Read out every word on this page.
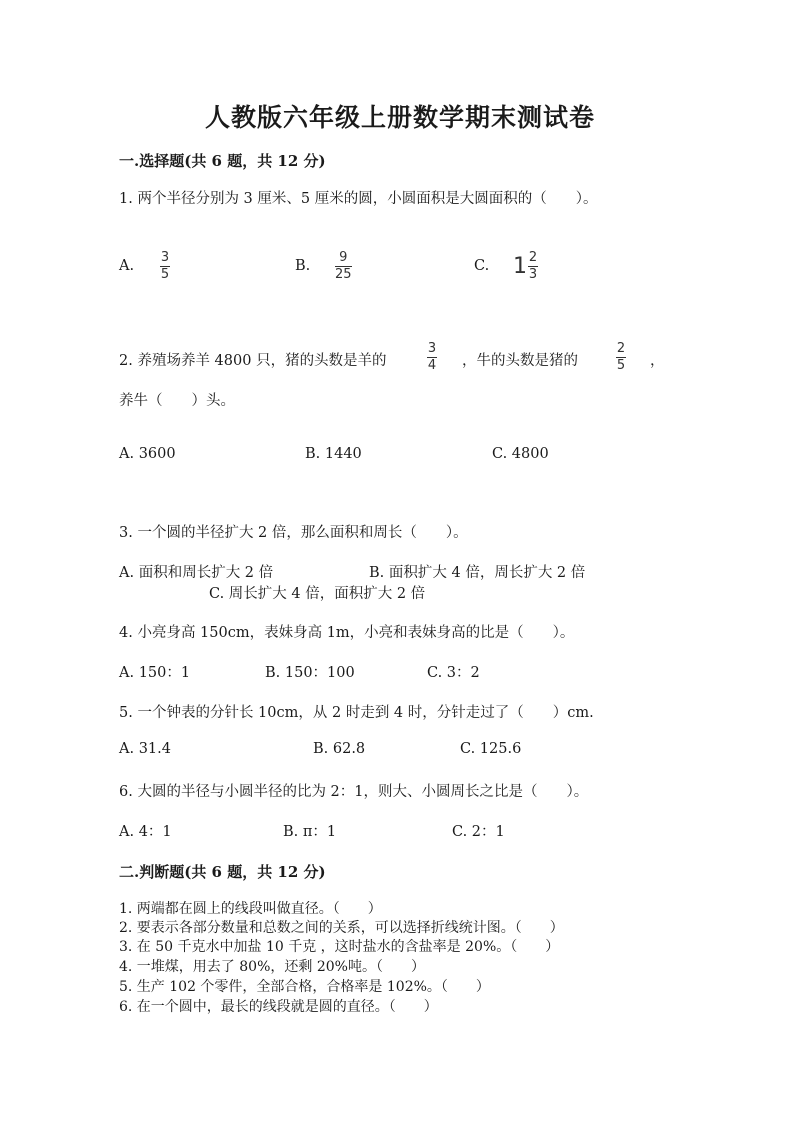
人教版六年级上册数学期末测试卷
一.选择题(共 6 题，共 12 分)
1. 两个半径分别为 3 厘米、5 厘米的圆，小圆面积是大圆面积的（　　）。
A.
3
5
B.
9
25
C. $1 \frac{2}{3}$
2. 养殖场养羊 4800 只，猪的头数是羊的
3
4 ，牛的头数是猪的
2
5 ，
养牛（　　）头。
A. 3600	B. 1440	C. 4800
3. 一个圆的半径扩大 2 倍，那么面积和周长（　　）。
A. 面积和周长扩大 2 倍	B. 面积扩大 4 倍，周长扩大 2 倍
C. 周长扩大 4 倍，面积扩大 2 倍
4. 小亮身高 150cm，表妹身高 1m，小亮和表妹身高的比是（　　）。
A. 150：1	B. 150：100	C. 3：2
5. 一个钟表的分针长 10cm，从 2 时走到 4 时，分针走过了（　　）cm.
A. 31.4	B. 62.8	C. 125.6
6. 大圆的半径与小圆半径的比为 2：1，则大、小圆周长之比是（　　）。
A. 4：1	B. π：1	C. 2：1
二.判断题(共 6 题，共 12 分)
1. 两端都在圆上的线段叫做直径。（　　）
2. 要表示各部分数量和总数之间的关系，可以选择折线统计图。（　　）
3. 在 50 千克水中加盐 10 千克 ，这时盐水的含盐率是 20%。（　　）
4. 一堆煤，用去了 80%，还剩 20%吨。（　　）
5. 生产 102 个零件，全部合格，合格率是 102%。（　　）
6. 在一个圆中，最长的线段就是圆的直径。（　　）
